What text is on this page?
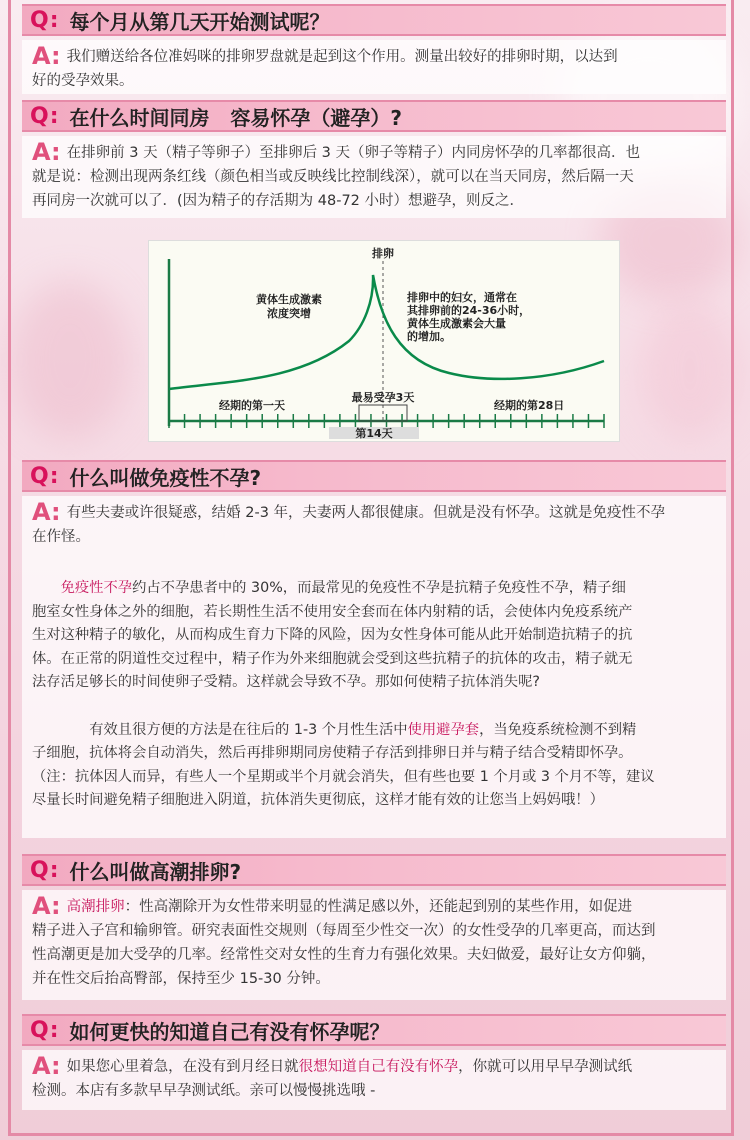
Q: 每个月从第几天开始测试呢？
A: 我们赠送给各位准妈咪的排卵罗盘就是起到这个作用。测量出较好的排卵时期，以达到
好的受孕效果。
Q: 在什么时间同房   容易怀孕（避孕）?
A: 在排卵前 3 天（精子等卵子）至排卵后 3 天（卵子等精子）内同房怀孕的几率都很高．也
就是说：检测出现两条红线（颜色相当或反映线比控制线深），就可以在当天同房，然后隔一天
再同房一次就可以了．(因为精子的存活期为 48-72 小时）想避孕，则反之．
排卵
黄体生成激素
浓度突增
排卵中的妇女，通常在
其排卵前的24-36小时，
黄体生成激素会大量
的增加。
经期的第一天
最易受孕3天
经期的第28日
第14天
Q: 什么叫做免疫性不孕?
A: 有些夫妻或许很疑惑，结婚 2-3 年，夫妻两人都很健康。但就是没有怀孕。这就是免疫性不孕
在作怪。
免疫性不孕约占不孕患者中的 30%，而最常见的免疫性不孕是抗精子免疫性不孕，精子细
胞室女性身体之外的细胞，若长期性生活不使用安全套而在体内射精的话，会使体内免疫系统产
生对这种精子的敏化，从而构成生育力下降的风险，因为女性身体可能从此开始制造抗精子的抗
体。在正常的阴道性交过程中，精子作为外来细胞就会受到这些抗精子的抗体的攻击，精子就无
法存活足够长的时间使卵子受精。这样就会导致不孕。那如何使精子抗体消失呢?
有效且很方便的方法是在往后的 1-3 个月性生活中使用避孕套，当免疫系统检测不到精
子细胞，抗体将会自动消失，然后再排卵期同房使精子存活到排卵日并与精子结合受精即怀孕。
（注：抗体因人而异，有些人一个星期或半个月就会消失，但有些也要 1 个月或 3 个月不等，建议
尽量长时间避免精子细胞进入阴道，抗体消失更彻底，这样才能有效的让您当上妈妈哦！）
Q: 什么叫做高潮排卵?
A: 高潮排卵：性高潮除开为女性带来明显的性满足感以外，还能起到别的某些作用，如促进
精子进入子宫和输卵管。研究表面性交规则（每周至少性交一次）的女性受孕的几率更高，而达到
性高潮更是加大受孕的几率。经常性交对女性的生育力有强化效果。夫妇做爱，最好让女方仰躺，
并在性交后抬高臀部，保持至少 15-30 分钟。
Q: 如何更快的知道自己有没有怀孕呢？
A: 如果您心里着急，在没有到月经日就很想知道自己有没有怀孕，你就可以用早早孕测试纸
检测。本店有多款早早孕测试纸。亲可以慢慢挑选哦 -
